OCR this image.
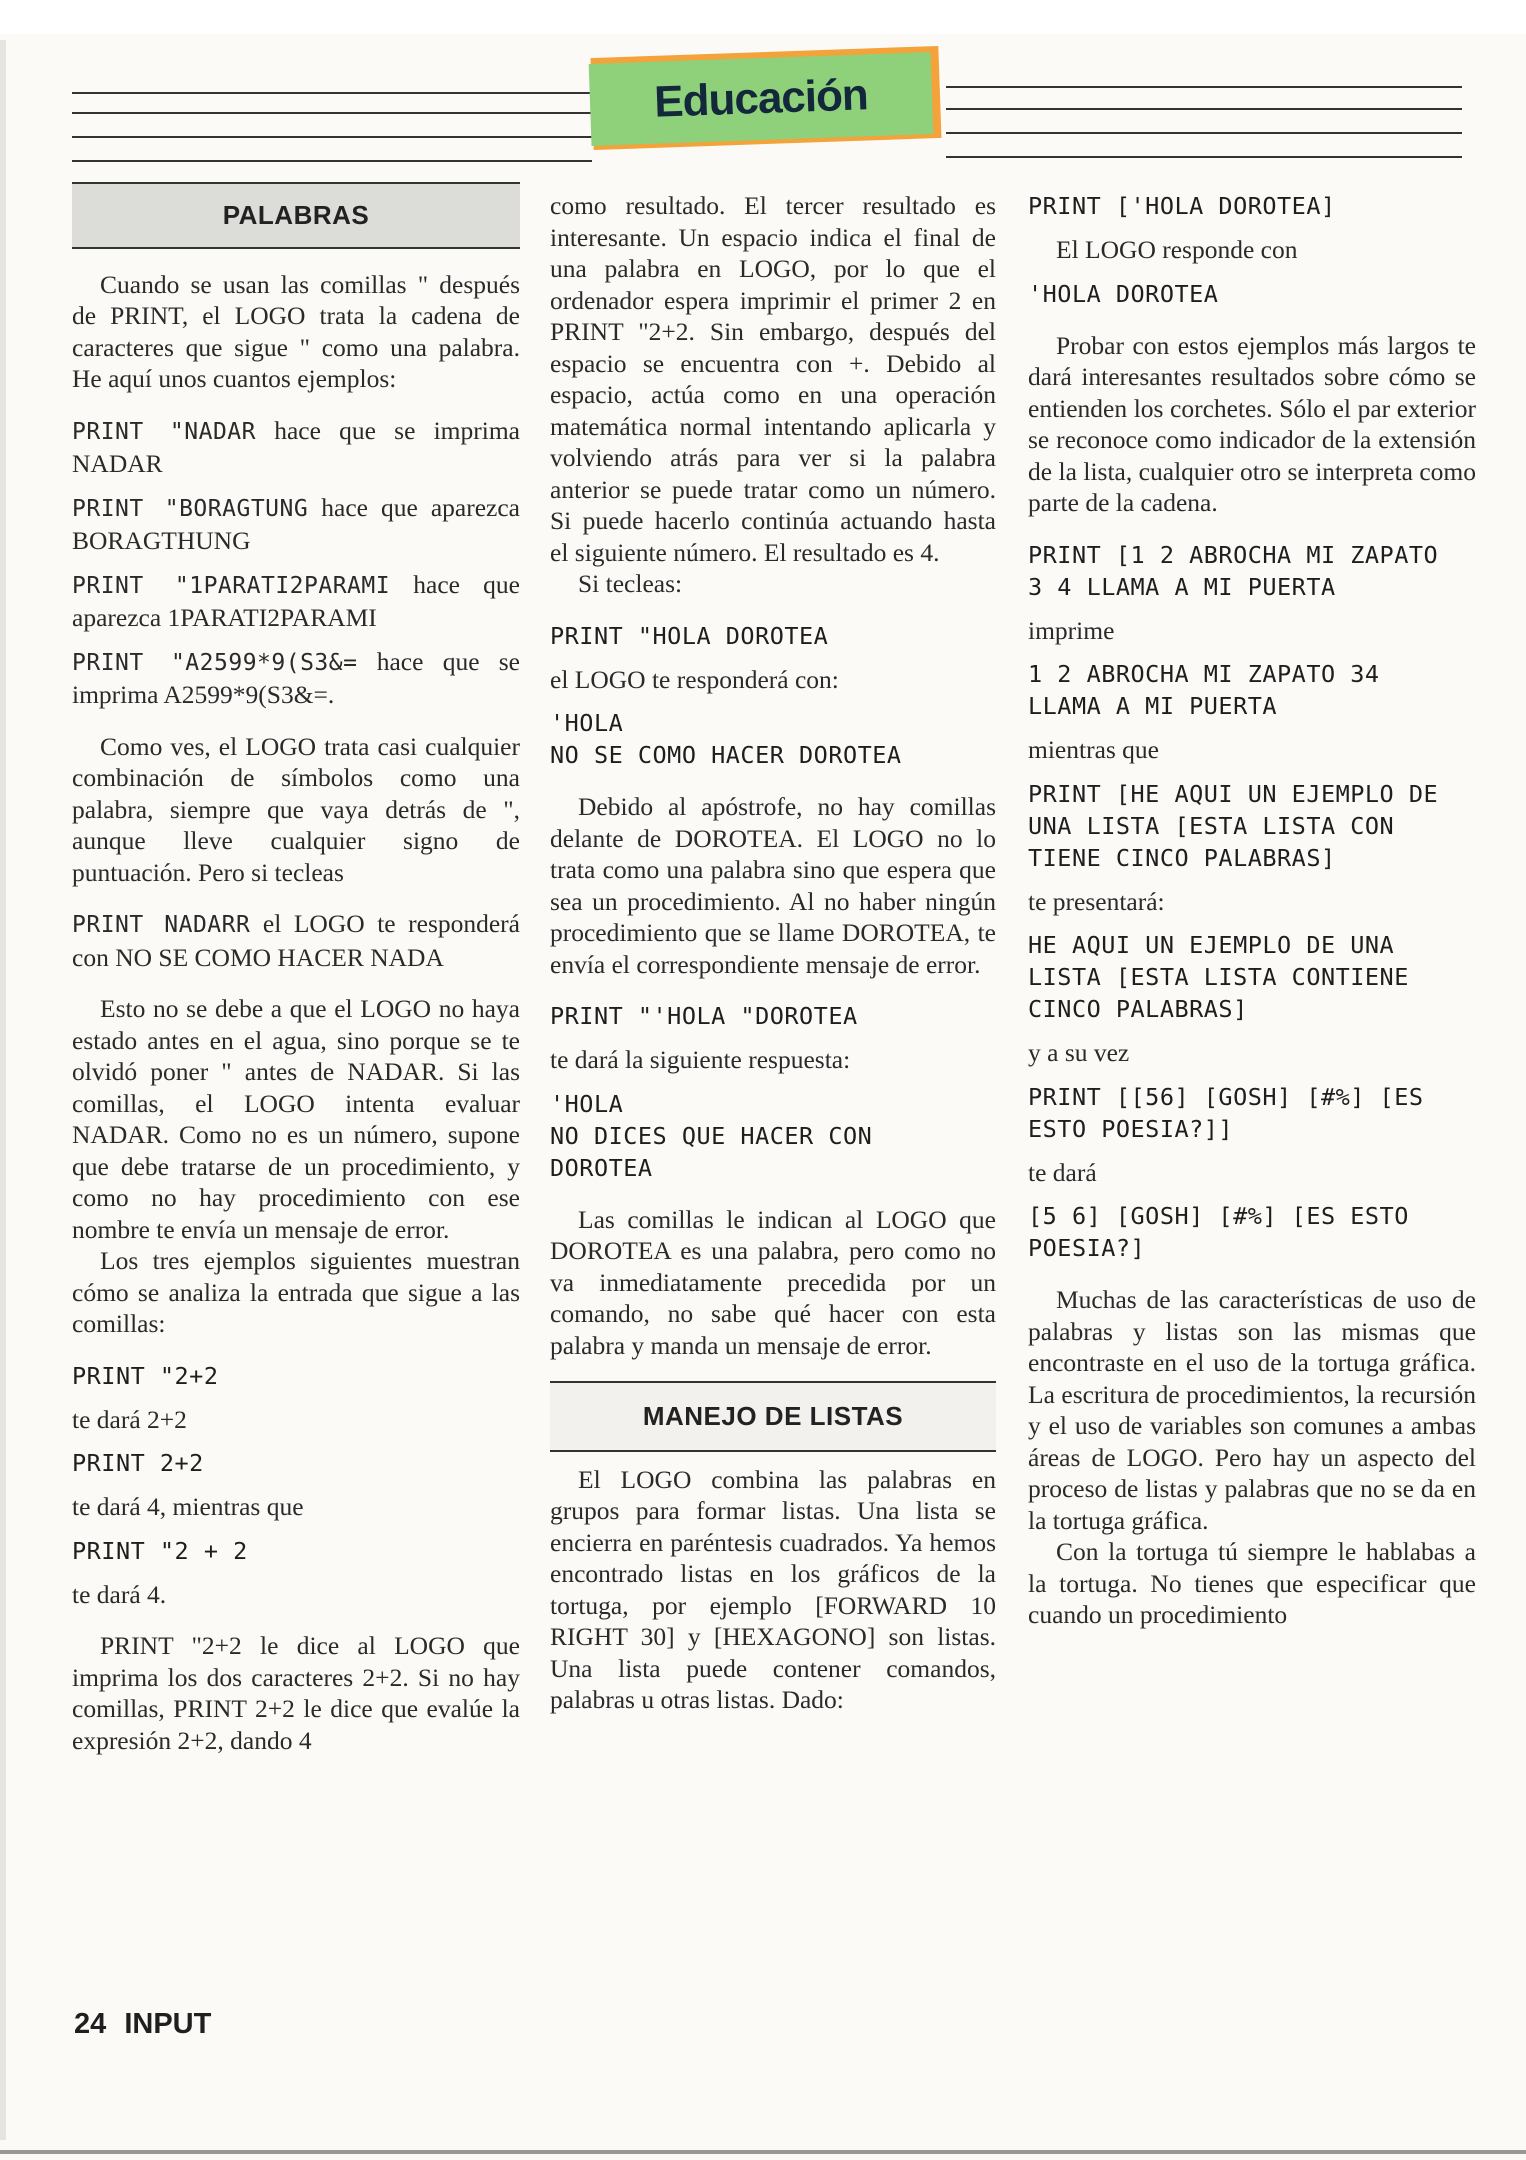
Educación
PALABRAS

Cuando se usan las comillas " después de PRINT, el LOGO trata la cadena de caracteres que sigue " como una palabra. He aquí unos cuantos ejemplos:

PRINT "NADAR hace que se imprima NADAR

PRINT "BORAGTUNG hace que aparezca BORAGTHUNG

PRINT "1PARATI2PARAMI hace que aparezca 1PARATI2PARAMI

PRINT "A2599*9(S3&= hace que se imprima A2599*9(S3&=.

Como ves, el LOGO trata casi cualquier combinación de símbolos como una palabra, siempre que vaya detrás de ", aunque lleve cualquier signo de puntuación. Pero si tecleas

PRINT NADARR el LOGO te responderá con NO SE COMO HACER NADA

Esto no se debe a que el LOGO no haya estado antes en el agua, sino porque se te olvidó poner " antes de NADAR. Si las comillas, el LOGO intenta evaluar NADAR. Como no es un número, supone que debe tratarse de un procedimiento, y como no hay procedimiento con ese nombre te envía un mensaje de error.

Los tres ejemplos siguientes muestran cómo se analiza la entrada que sigue a las comillas:

PRINT "2+2

te dará 2+2

PRINT 2+2

te dará 4, mientras que

PRINT "2 + 2

te dará 4.

PRINT "2+2 le dice al LOGO que imprima los dos caracteres 2+2. Si no hay comillas, PRINT 2+2 le dice que evalúe la expresión 2+2, dando 4

como resultado. El tercer resultado es interesante. Un espacio indica el final de una palabra en LOGO, por lo que el ordenador espera imprimir el primer 2 en PRINT "2+2. Sin embargo, después del espacio se encuentra con +. Debido al espacio, actúa como en una operación matemática normal intentando aplicarla y volviendo atrás para ver si la palabra anterior se puede tratar como un número. Si puede hacerlo continúa actuando hasta el siguiente número. El resultado es 4.

Si tecleas:

PRINT "HOLA DOROTEA

el LOGO te responderá con:

'HOLA
NO SE COMO HACER DOROTEA

Debido al apóstrofe, no hay comillas delante de DOROTEA. El LOGO no lo trata como una palabra sino que espera que sea un procedimiento. Al no haber ningún procedimiento que se llame DOROTEA, te envía el correspondiente mensaje de error.

PRINT "'HOLA "DOROTEA

te dará la siguiente respuesta:

'HOLA
NO DICES QUE HACER CON
DOROTEA

Las comillas le indican al LOGO que DOROTEA es una palabra, pero como no va inmediatamente precedida por un comando, no sabe qué hacer con esta palabra y manda un mensaje de error.

MANEJO DE LISTAS

El LOGO combina las palabras en grupos para formar listas. Una lista se encierra en paréntesis cuadrados. Ya hemos encontrado listas en los gráficos de la tortuga, por ejemplo [FORWARD 10 RIGHT 30] y [HEXAGONO] son listas. Una lista puede contener comandos, palabras u otras listas. Dado:

PRINT ['HOLA DOROTEA]

El LOGO responde con

'HOLA DOROTEA

Probar con estos ejemplos más largos te dará interesantes resultados sobre cómo se entienden los corchetes. Sólo el par exterior se reconoce como indicador de la extensión de la lista, cualquier otro se interpreta como parte de la cadena.

PRINT [1 2 ABROCHA MI ZAPATO
3 4 LLAMA A MI PUERTA

imprime

1 2 ABROCHA MI ZAPATO 34
LLAMA A MI PUERTA

mientras que

PRINT [HE AQUI UN EJEMPLO DE
UNA LISTA [ESTA LISTA CON
TIENE CINCO PALABRAS]

te presentará:

HE AQUI UN EJEMPLO DE UNA
LISTA [ESTA LISTA CONTIENE
CINCO PALABRAS]

y a su vez

PRINT [[56] [GOSH] [#%] [ES
ESTO POESIA?]]

te dará

[5 6] [GOSH] [#%] [ES ESTO
POESIA?]

Muchas de las características de uso de palabras y listas son las mismas que encontraste en el uso de la tortuga gráfica. La escritura de procedimientos, la recursión y el uso de variables son comunes a ambas áreas de LOGO. Pero hay un aspecto del proceso de listas y palabras que no se da en la tortuga gráfica.

Con la tortuga tú siempre le hablabas a la tortuga. No tienes que especificar que cuando un procedimiento

24 INPUT
